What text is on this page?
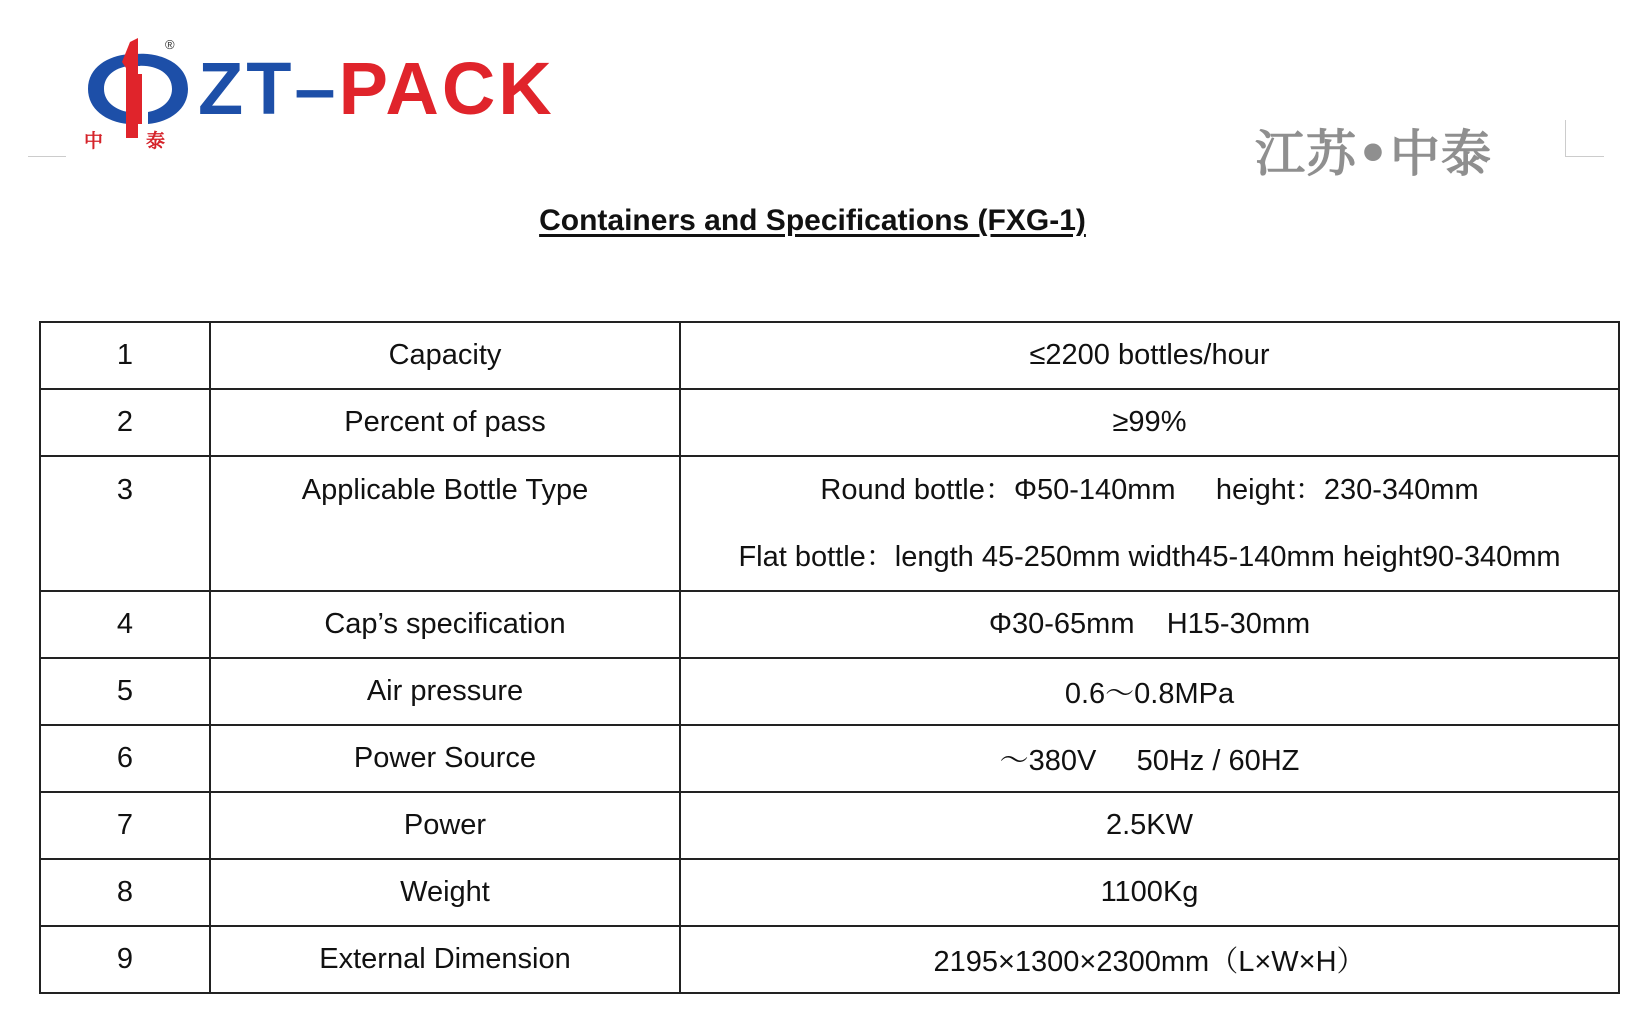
®
中 泰
ZT–PACK
江苏•中泰
Containers and Specifications (FXG-1)
1	Capacity	≤2200 bottles/hour
2	Percent of pass	≥99%

3	Applicable Bottle Type	Round bottle：Φ50-140mm     height：230-340mm
Flat bottle：length 45-250mm width45-140mm height90-340mm

4	Cap’s specification	Φ30-65mm    H15-30mm
5	Air pressure	0.6～0.8MPa
6	Power Source	～380V     50Hz / 60HZ
7	Power	2.5KW
8	Weight	1100Kg
9	External Dimension	2195×1300×2300mm（L×W×H）
